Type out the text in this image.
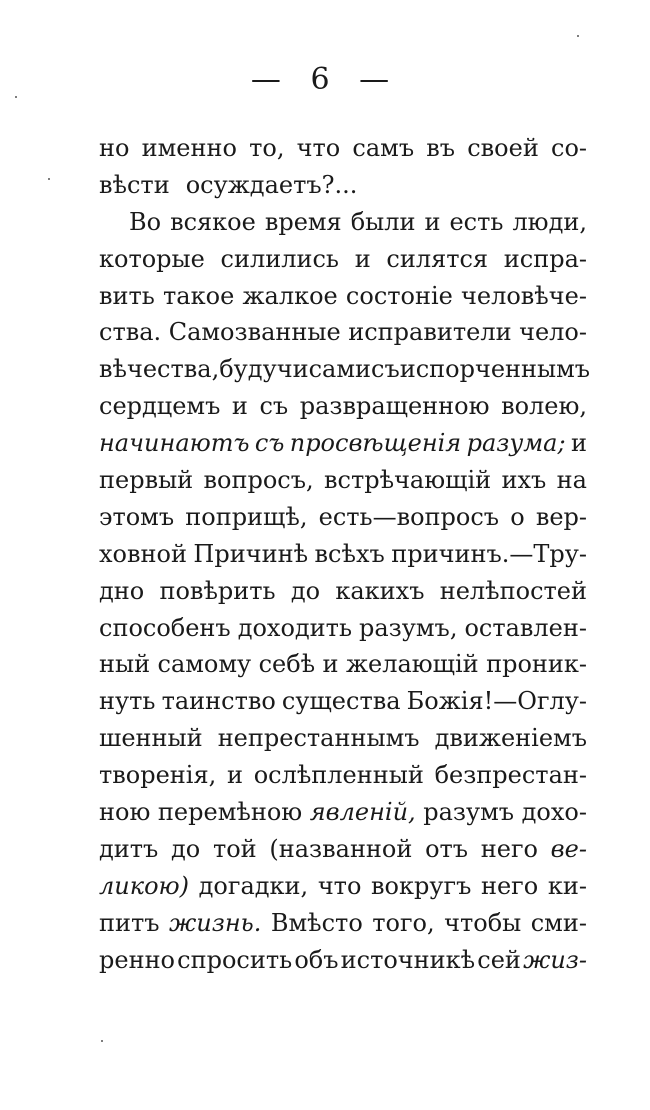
— 6 —
но именно то, что самъ въ своей со-
вѣсти осуждаетъ?...
Во всякое время были и есть люди,
которые силились и силятся испра-
вить такое жалкое состоніе человѣче-
ства. Самозванные исправители чело-
вѣчества, будучи сами съ испорченнымъ
сердцемъ и съ развращенною волею,
начинаютъ съ просвѣщенія разума; и
первый вопросъ, встрѣчающій ихъ на
этомъ поприщѣ, есть—вопросъ о вер-
ховной Причинѣ всѣхъ причинъ.—Тру-
дно повѣрить до какихъ нелѣпостей
способенъ доходить разумъ, оставлен-
ный самому себѣ и желающій проник-
нуть таинство существа Божія!—Оглу-
шенный непрестаннымъ движеніемъ
творенія, и ослѣпленный безпрестан-
ною перемѣною явленій, разумъ дохо-
дитъ до той (названной отъ него ве-
ликою) догадки, что вокругъ него ки-
питъ жизнь. Вмѣсто того, чтобы сми-
ренно спросить объ источникѣ сей жиз-
